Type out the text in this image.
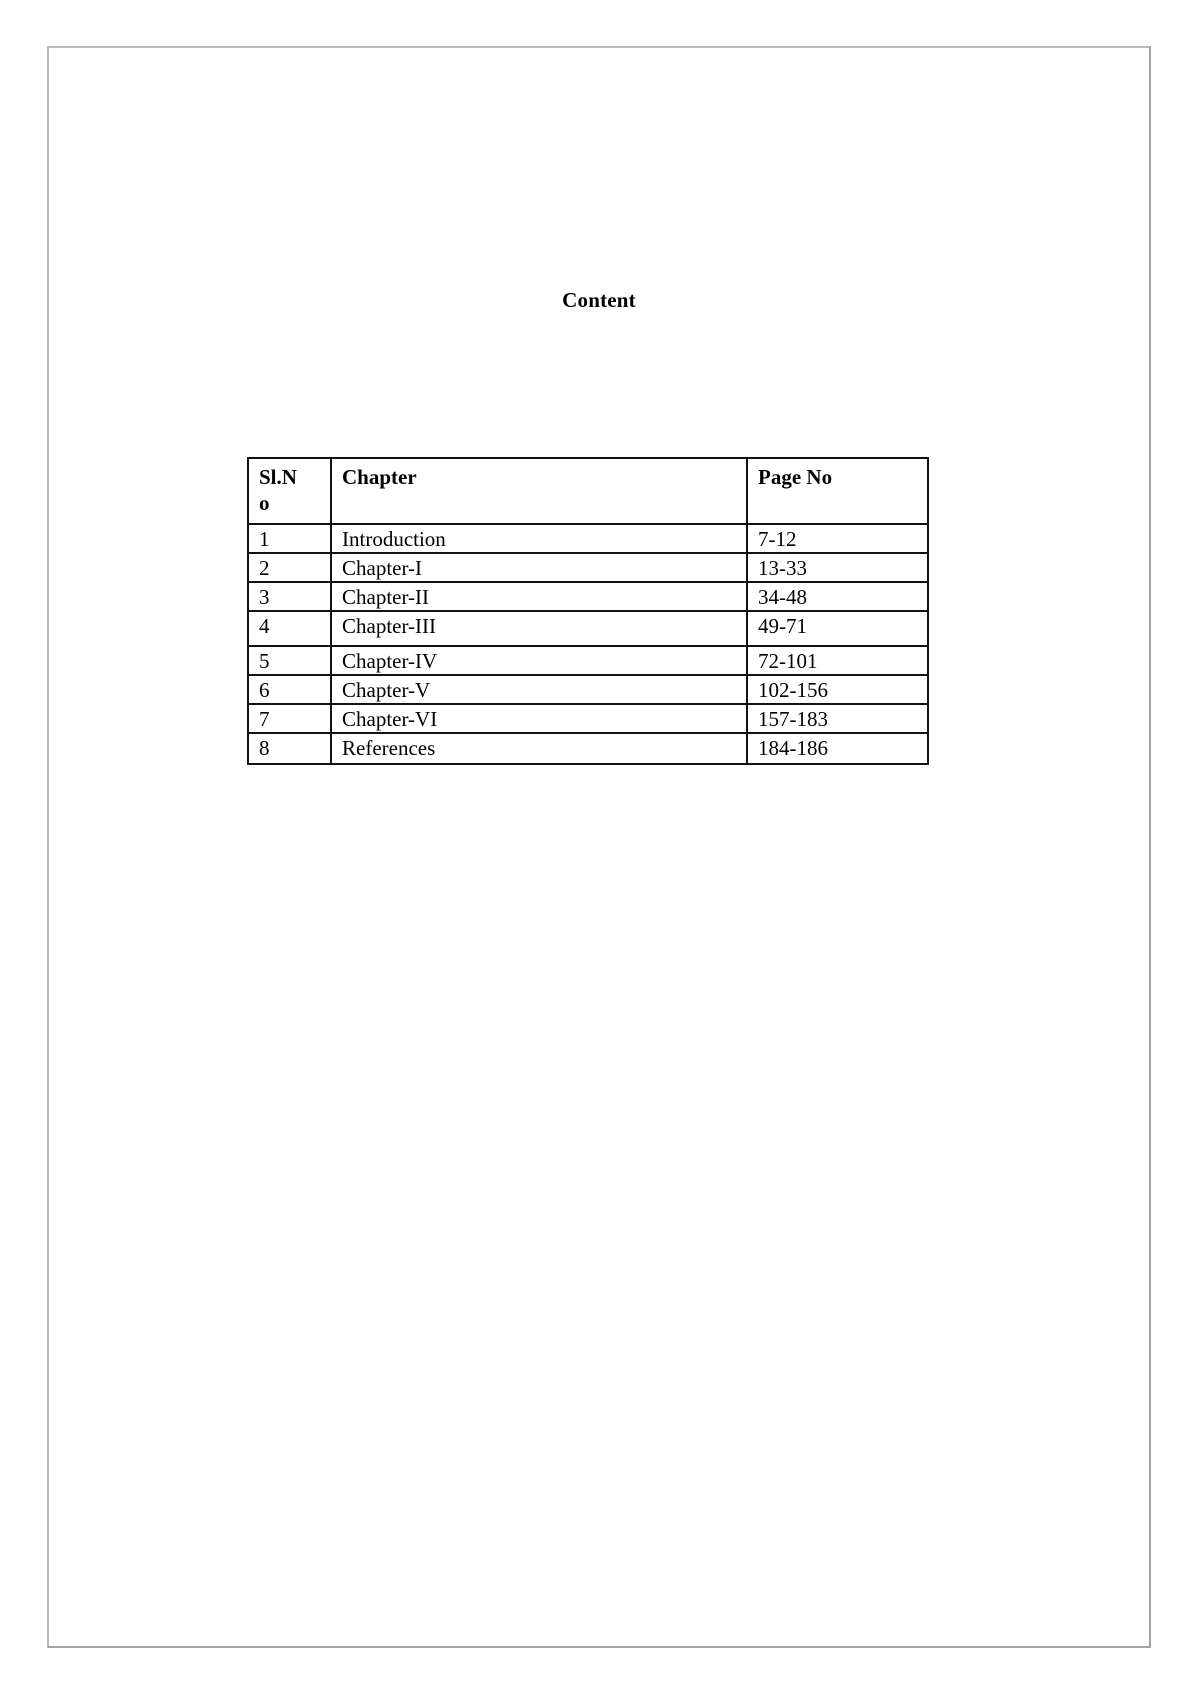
Content
Sl.N
o	Chapter	Page No
1	Introduction	7-12
2	Chapter-I	13-33
3	Chapter-II	34-48
4	Chapter-III	49-71
5	Chapter-IV	72-101
6	Chapter-V	102-156
7	Chapter-VI	157-183
8	References	184-186
